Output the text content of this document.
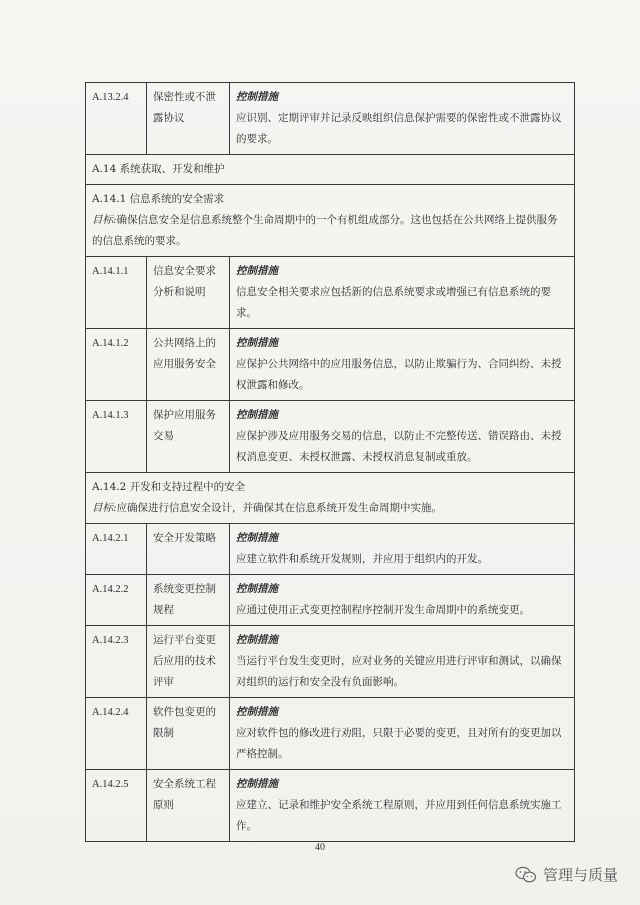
A.13.2.4	保密性或不泄露协议	控制措施
应识别、定期评审并记录反映组织信息保护需要的保密性或不泄露协议的要求。
A.14 系统获取、开发和维护		

A.14.1 信息系统的安全需求
目标:确保信息安全是信息系统整个生命周期中的一个有机组成部分。这也包括在公共网络上提供服务的信息系统的要求。		

A.14.1.1	信息安全要求分析和说明	控制措施
信息安全相关要求应包括新的信息系统要求或增强已有信息系统的要求。
A.14.1.2	公共网络上的应用服务安全	控制措施
应保护公共网络中的应用服务信息，以防止欺骗行为、合同纠纷、未授权泄露和修改。
A.14.1.3	保护应用服务交易	控制措施
应保护涉及应用服务交易的信息，以防止不完整传送、错误路由、未授权消息变更、未授权泄露、未授权消息复制或重放。

A.14.2 开发和支持过程中的安全
目标:应确保进行信息安全设计，并确保其在信息系统开发生命周期中实施。		

A.14.2.1	安全开发策略	控制措施
应建立软件和系统开发规则，并应用于组织内的开发。
A.14.2.2	系统变更控制规程	控制措施
应通过使用正式变更控制程序控制开发生命周期中的系统变更。
A.14.2.3	运行平台变更后应用的技术评审	控制措施
当运行平台发生变更时，应对业务的关键应用进行评审和测试，以确保对组织的运行和安全没有负面影响。
A.14.2.4	软件包变更的限制	控制措施
应对软件包的修改进行劝阻，只限于必要的变更，且对所有的变更加以严格控制。
A.14.2.5	安全系统工程原则	控制措施
应建立、记录和维护安全系统工程原则，并应用到任何信息系统实施工作。
40
管理与质量
